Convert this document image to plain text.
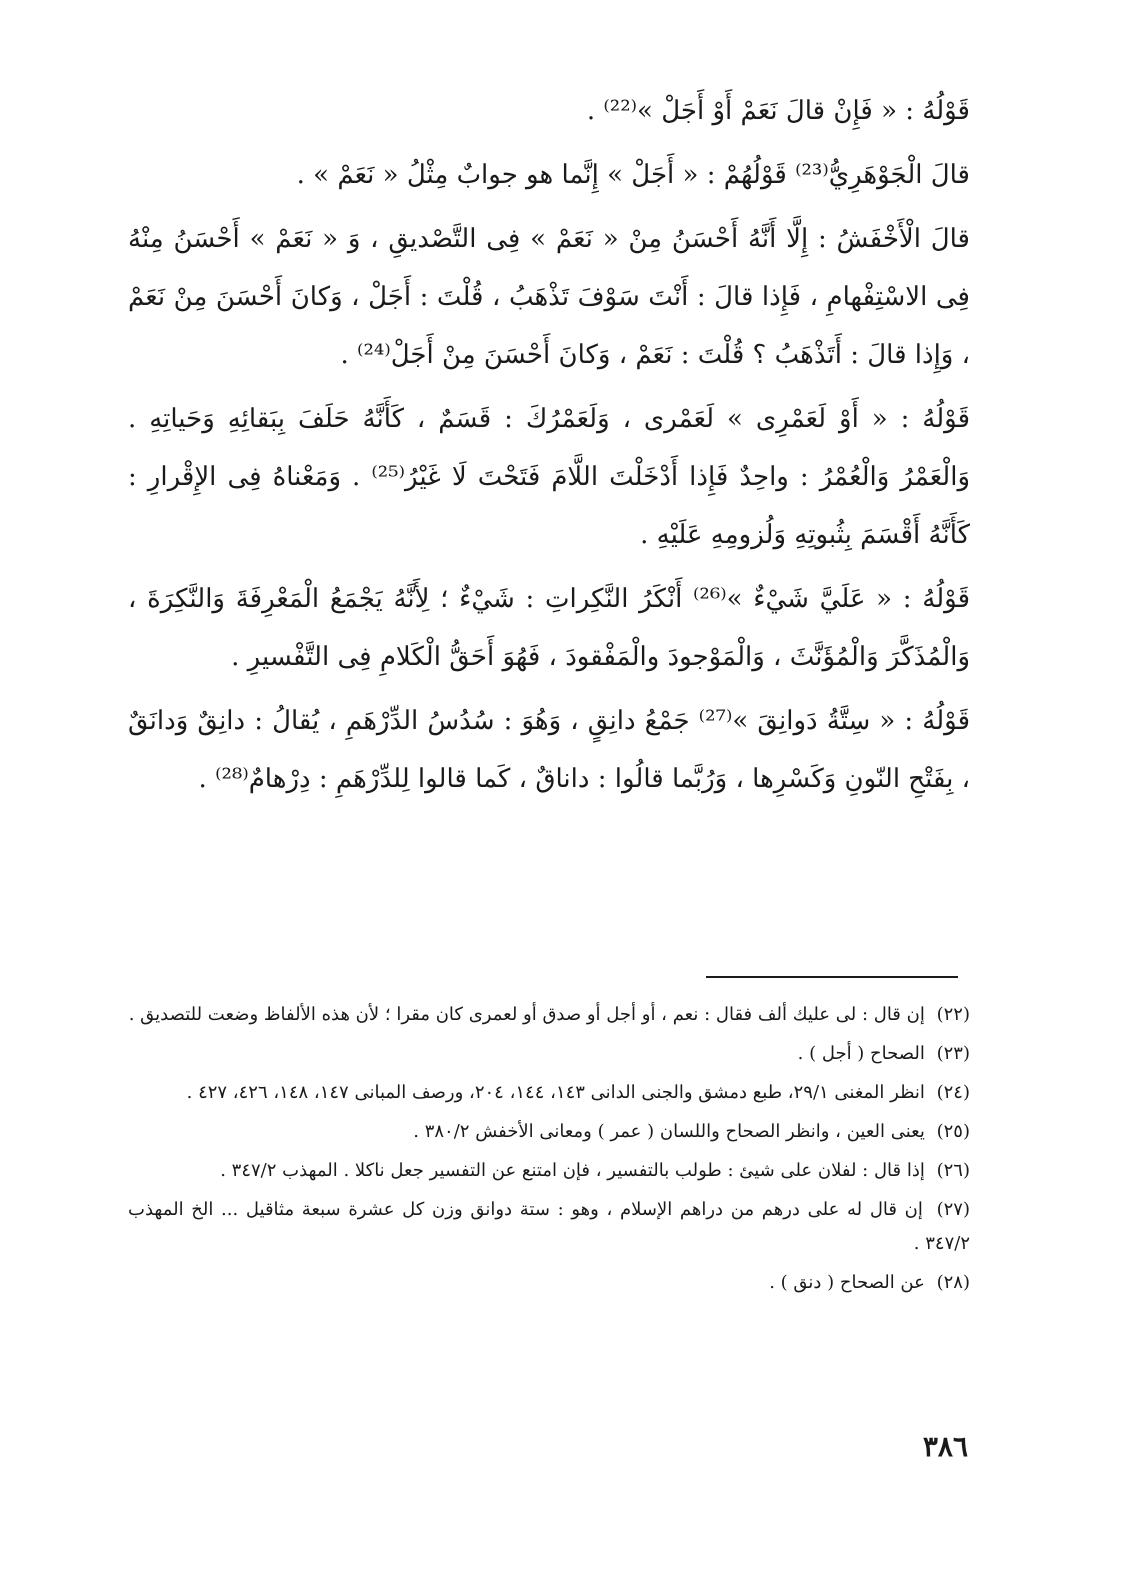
قَوْلُهُ : « فَإِنْ قالَ نَعَمْ أَوْ أَجَلْ »⁽²²⁾ .

قالَ الْجَوْهَرِيُّ⁽²³⁾ قَوْلُهُمْ : « أَجَلْ » إِنَّما هو جوابٌ مِثْلُ « نَعَمْ » .

قالَ الْأَخْفَشُ : إِلَّا أَنَّهُ أَحْسَنُ مِنْ « نَعَمْ » فِى التَّصْديقِ ، وَ « نَعَمْ » أَحْسَنُ مِنْهُ فِى الاسْتِفْهامِ ، فَإِذا قالَ : أَنْتَ سَوْفَ تَذْهَبُ ، قُلْتَ : أَجَلْ ، وَكانَ أَحْسَنَ مِنْ نَعَمْ ، وَإِذا قالَ : أَتَذْهَبُ ؟ قُلْتَ : نَعَمْ ، وَكانَ أَحْسَنَ مِنْ أَجَلْ⁽²⁴⁾ .

قَوْلُهُ : « أَوْ لَعَمْرِى » لَعَمْرى ، وَلَعَمْرُكَ : قَسَمٌ ، كَأَنَّهُ حَلَفَ بِبَقائِهِ وَحَياتِهِ . وَالْعَمْرُ وَالْعُمْرُ : واحِدٌ فَإِذا أَدْخَلْتَ اللَّامَ فَتَحْتَ لَا غَيْرُ⁽²⁵⁾ . وَمَعْناهُ فِى الإِقْرارِ : كَأَنَّهُ أَقْسَمَ بِثُبوتِهِ وَلُزومِهِ عَلَيْهِ .

قَوْلُهُ : « عَلَيَّ شَيْءٌ »⁽²⁶⁾ أَنْكَرُ النَّكِراتِ : شَيْءٌ ؛ لِأَنَّهُ يَجْمَعُ الْمَعْرِفَةَ وَالنَّكِرَةَ ، وَالْمُذَكَّرَ وَالْمُؤَنَّثَ ، وَالْمَوْجودَ والْمَفْقودَ ، فَهُوَ أَحَقُّ الْكَلامِ فِى التَّفْسيرِ .

قَوْلُهُ : « سِتَّةُ دَوانِقَ »⁽²⁷⁾ جَمْعُ دانِقٍ ، وَهُوَ : سُدُسُ الدِّرْهَمِ ، يُقالُ : دانِقٌ وَدانَقٌ ، بِفَتْحِ النّونِ وَكَسْرِها ، وَرُبَّما قالُوا : داناقٌ ، كَما قالوا لِلدِّرْهَمِ : دِرْهامٌ⁽²⁸⁾ .

(٢٢) إن قال : لى عليك ألف فقال : نعم ، أو أجل أو صدق أو لعمرى كان مقرا ؛ لأن هذه الألفاظ وضعت للتصديق .

(٢٣) الصحاح ( أجل ) .

(٢٤) انظر المغنى ٢٩/١، طبع دمشق والجنى الدانى ١٤٣، ١٤٤، ٢٠٤، ورصف المبانى ١٤٧، ١٤٨، ٤٢٦، ٤٢٧ .

(٢٥) يعنى العين ، وانظر الصحاح واللسان ( عمر ) ومعانى الأخفش ٣٨٠/٢ .

(٢٦) إذا قال : لفلان على شيئ : طولب بالتفسير ، فإن امتنع عن التفسير جعل ناكلا . المهذب ٣٤٧/٢ .

(٢٧) إن قال له على درهم من دراهم الإسلام ، وهو : ستة دوانق وزن كل عشرة سبعة مثاقيل ... الخ المهذب ٣٤٧/٢ .

(٢٨) عن الصحاح ( دنق ) .

٣٨٦
